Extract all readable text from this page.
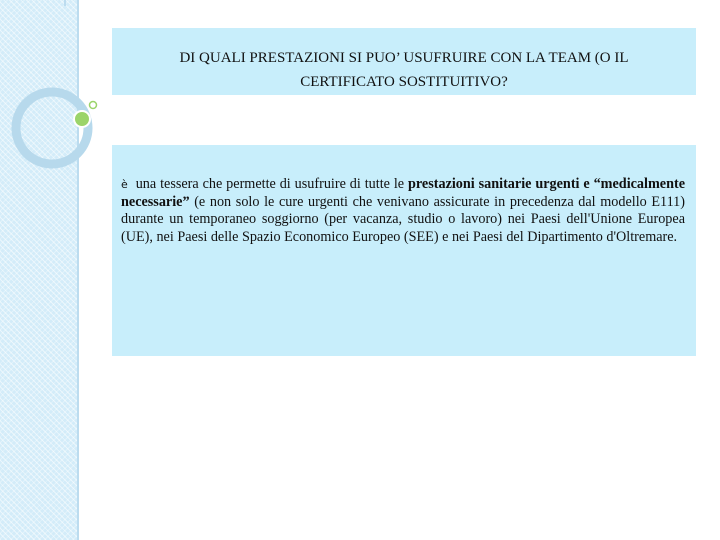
DI QUALI PRESTAZIONI SI PUO’ USUFRUIRE CON LA TEAM (O IL
CERTIFICATO SOSTITUITIVO?
è una tessera che permette di usufruire di tutte le prestazioni sanitarie urgenti e “medicalmente necessarie” (e non solo le cure urgenti che venivano assicurate in precedenza dal modello E111) durante un temporaneo soggiorno (per vacanza, studio o lavoro) nei Paesi dell'Unione Europea (UE), nei Paesi delle Spazio Economico Europeo (SEE) e nei Paesi del Dipartimento d'Oltremare.
